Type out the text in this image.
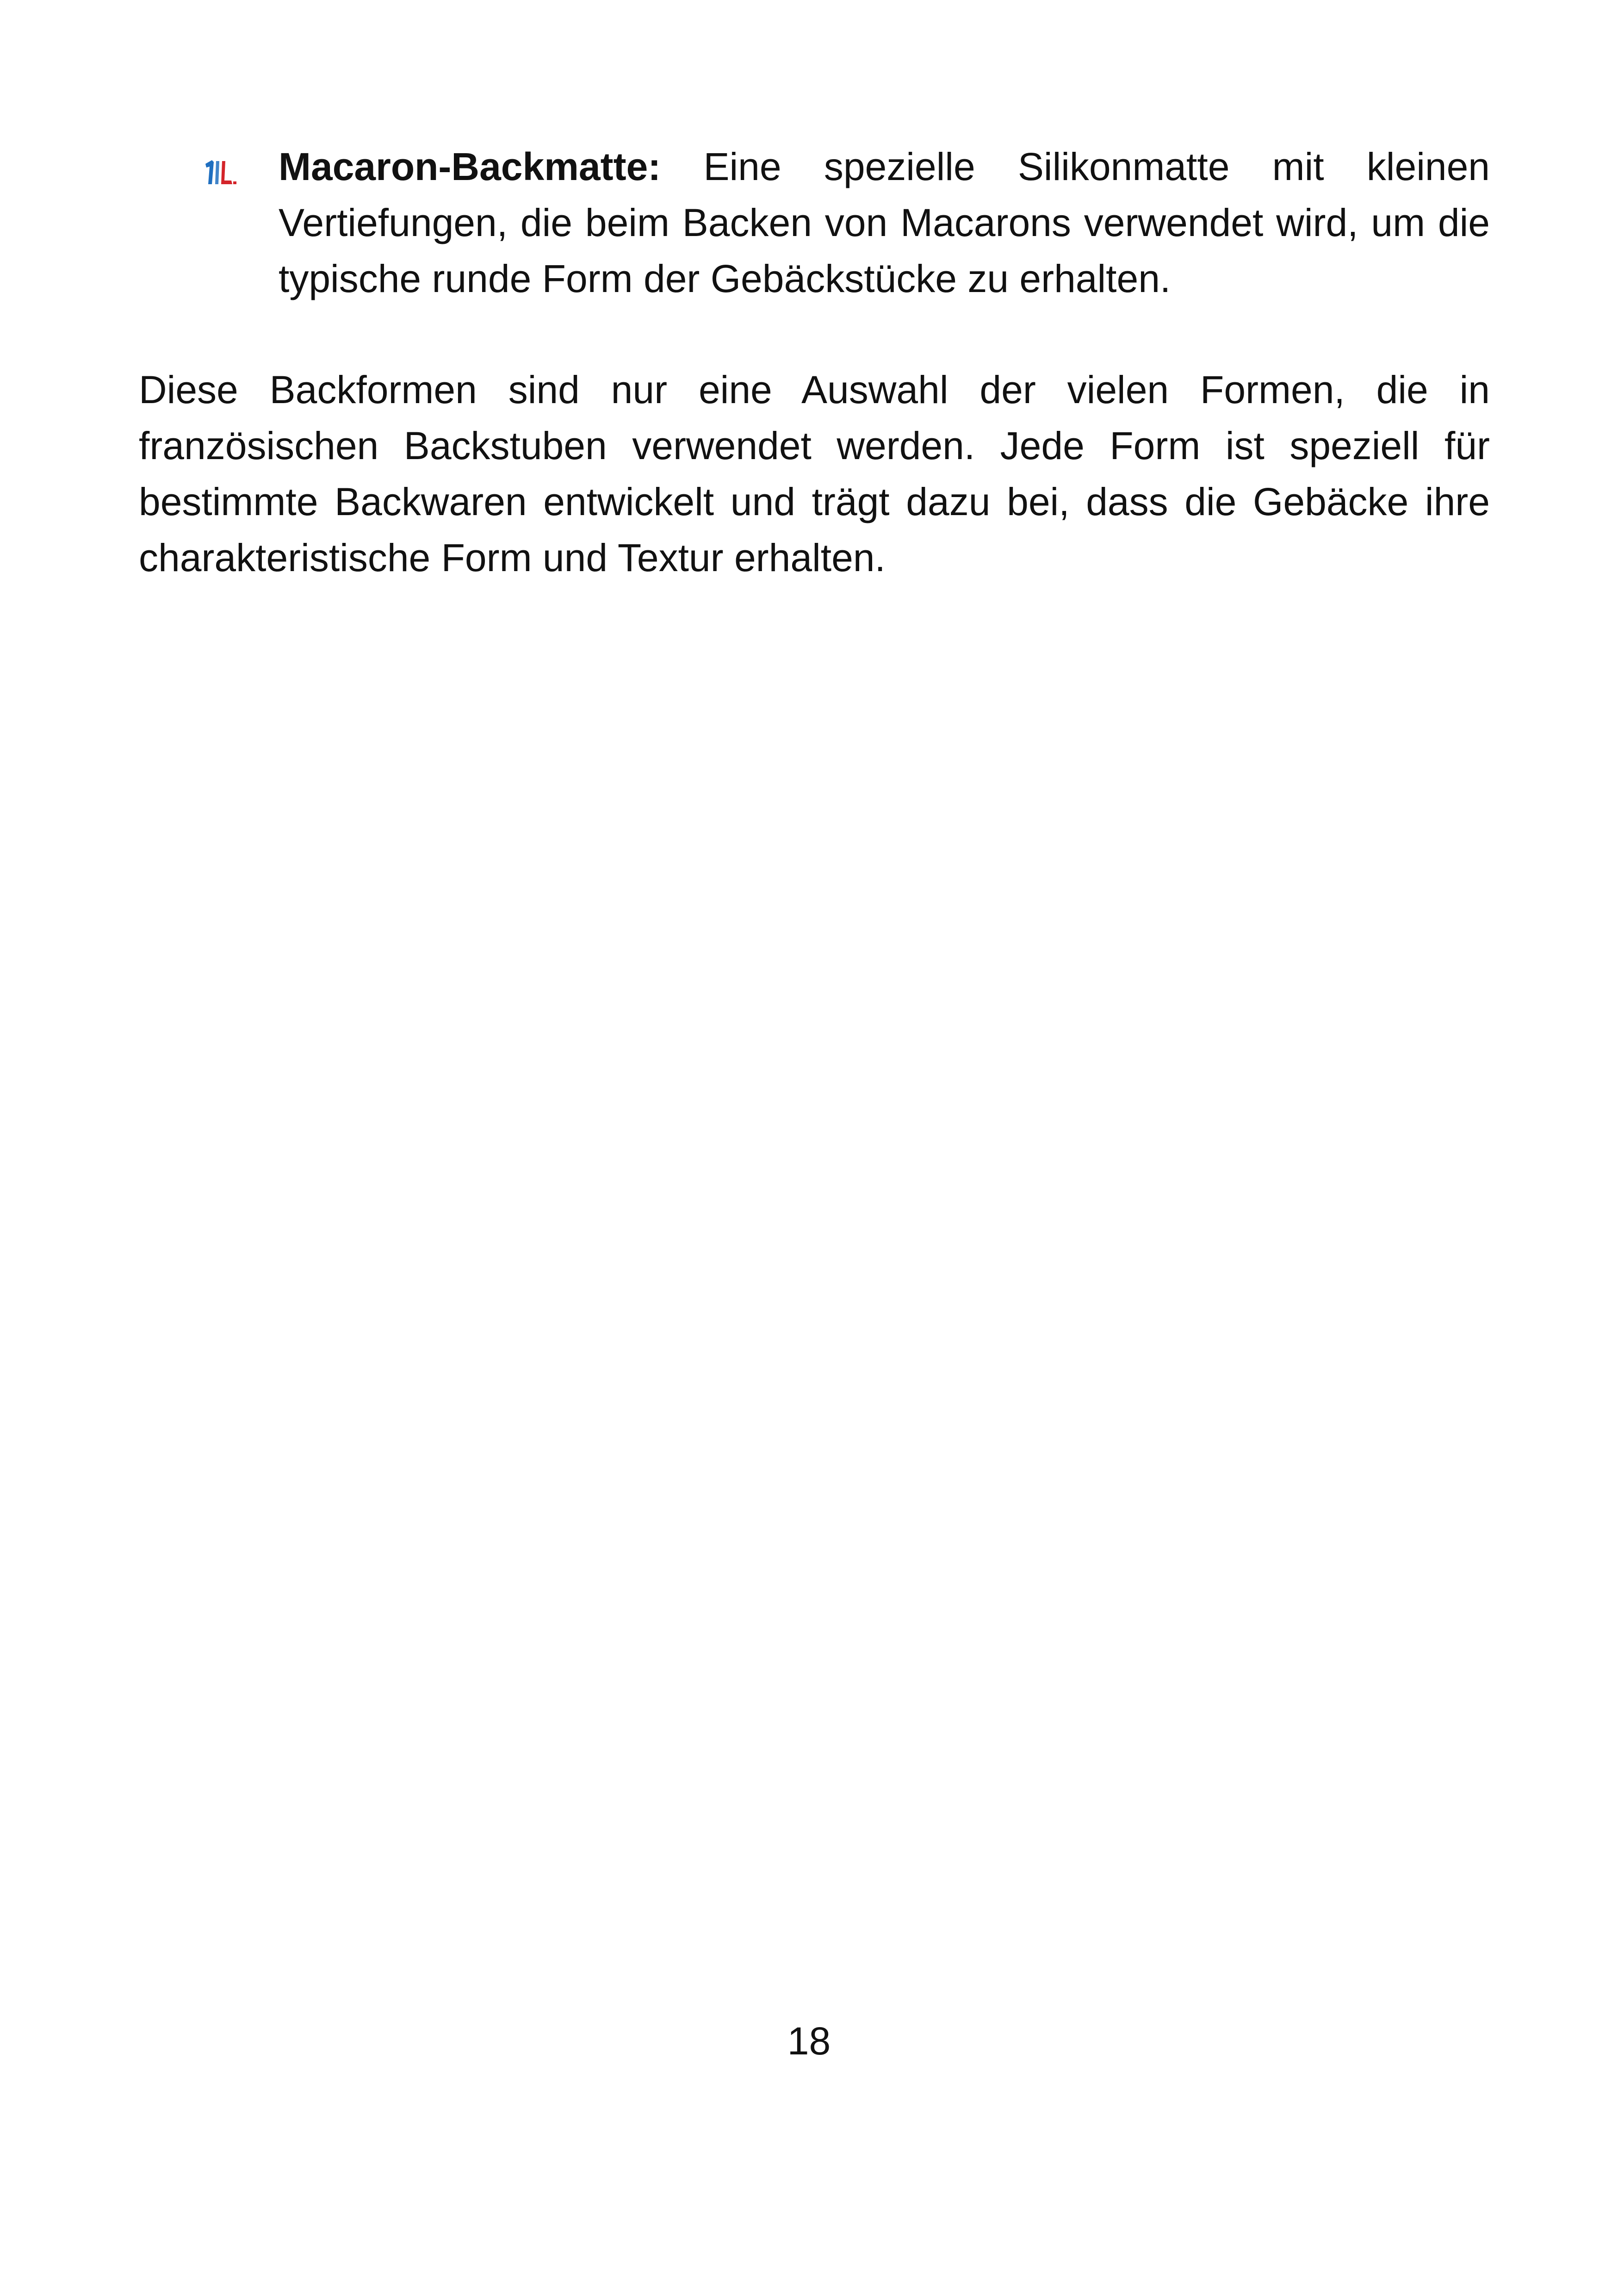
Macaron-Backmatte: Eine spezielle Silikonmatte mit kleinen Vertiefungen, die beim Backen von Macarons verwendet wird, um die typische runde Form der Gebäckstücke zu erhalten.

Diese Backformen sind nur eine Auswahl der vielen Formen, die in französischen Backstuben verwendet werden. Jede Form ist speziell für bestimmte Backwaren entwickelt und trägt dazu bei, dass die Gebäcke ihre charakteristische Form und Textur erhalten.

18
